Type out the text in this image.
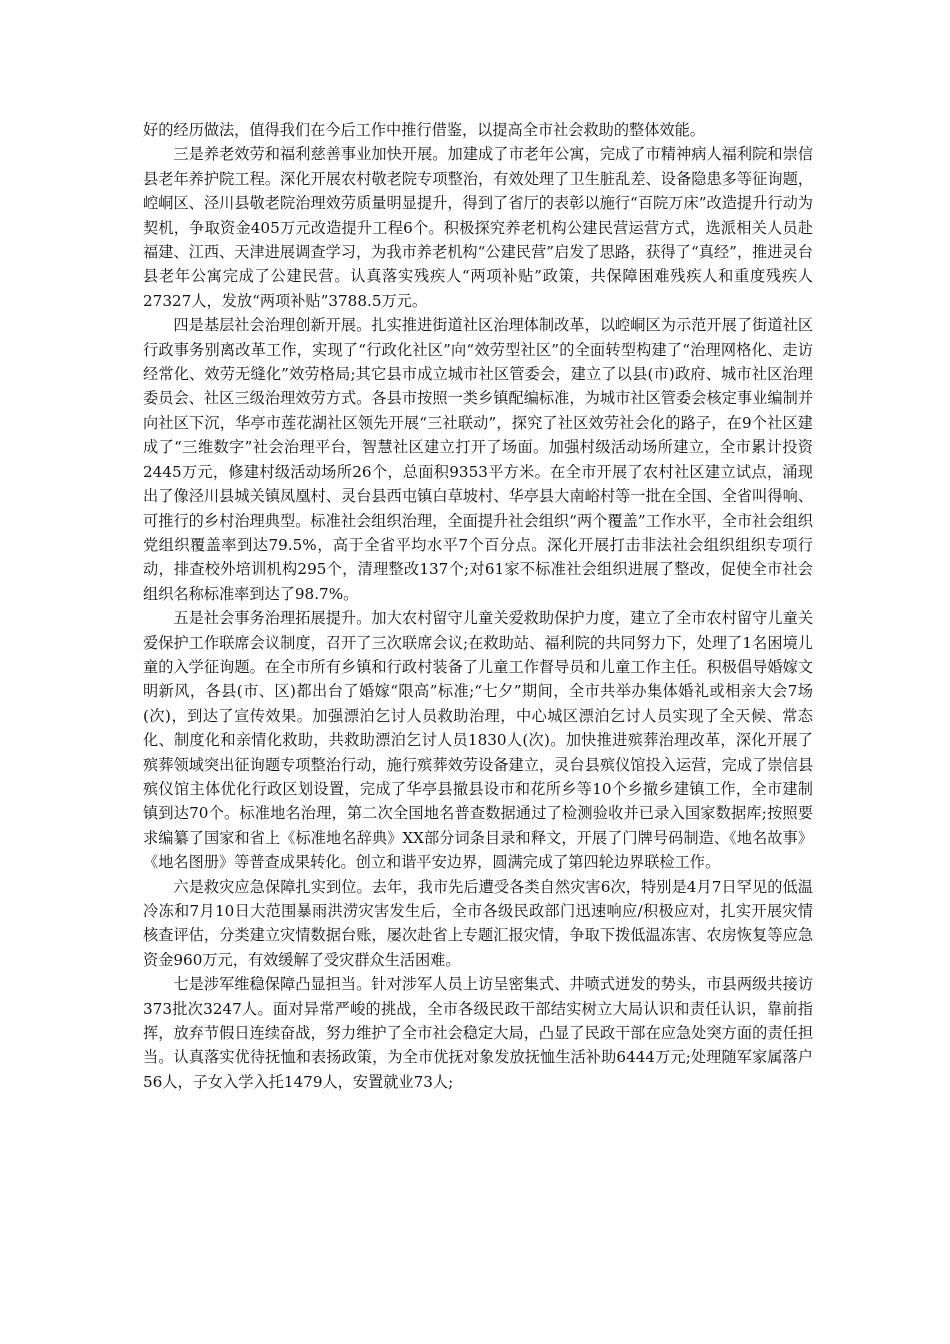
好的经历做法，值得我们在今后工作中推行借鉴，以提高全市社会救助的整体效能。

三是养老效劳和福利慈善事业加快开展。加建成了市老年公寓，完成了市精神病人福利院和崇信县老年养护院工程。深化开展农村敬老院专项整治，有效处理了卫生脏乱差、设备隐患多等征询题，崆峒区、泾川县敬老院治理效劳质量明显提升，得到了省厅的表彰以施行“百院万床”改造提升行动为契机，争取资金405万元改造提升工程6个。积极探究养老机构公建民营运营方式，选派相关人员赴福建、江西、天津进展调查学习，为我市养老机构“公建民营”启发了思路，获得了“真经”，推进灵台县老年公寓完成了公建民营。认真落实残疾人“两项补贴”政策，共保障困难残疾人和重度残疾人27327人，发放“两项补贴”3788.5万元。

四是基层社会治理创新开展。扎实推进街道社区治理体制改革，以崆峒区为示范开展了街道社区行政事务别离改革工作，实现了“行政化社区”向“效劳型社区”的全面转型构建了“治理网格化、走访经常化、效劳无缝化”效劳格局;其它县市成立城市社区管委会，建立了以县(市)政府、城市社区治理委员会、社区三级治理效劳方式。各县市按照一类乡镇配编标准，为城市社区管委会核定事业编制并向社区下沉，华亭市莲花湖社区领先开展“三社联动”，探究了社区效劳社会化的路子，在9个社区建成了“三维数字”社会治理平台，智慧社区建立打开了场面。加强村级活动场所建立，全市累计投资2445万元，修建村级活动场所26个，总面积9353平方米。在全市开展了农村社区建立试点，涌现出了像泾川县城关镇凤凰村、灵台县西屯镇白草坡村、华亭县大南峪村等一批在全国、全省叫得响、可推行的乡村治理典型。标准社会组织治理，全面提升社会组织“两个覆盖”工作水平，全市社会组织党组织覆盖率到达79.5%，高于全省平均水平7个百分点。深化开展打击非法社会组织组织专项行动，排查校外培训机构295个，清理整改137个;对61家不标准社会组织进展了整改，促使全市社会组织名称标准率到达了98.7%。

五是社会事务治理拓展提升。加大农村留守儿童关爱救助保护力度，建立了全市农村留守儿童关爱保护工作联席会议制度，召开了三次联席会议;在救助站、福利院的共同努力下，处理了1名困境儿童的入学征询题。在全市所有乡镇和行政村装备了儿童工作督导员和儿童工作主任。积极倡导婚嫁文明新风，各县(市、区)都出台了婚嫁“限高”标准;“七夕”期间，全市共举办集体婚礼或相亲大会7场(次)，到达了宣传效果。加强漂泊乞讨人员救助治理，中心城区漂泊乞讨人员实现了全天候、常态化、制度化和亲情化救助，共救助漂泊乞讨人员1830人(次)。加快推进殡葬治理改革，深化开展了殡葬领域突出征询题专项整治行动，施行殡葬效劳设备建立，灵台县殡仪馆投入运营，完成了崇信县殡仪馆主体优化行政区划设置，完成了华亭县撤县设市和花所乡等10个乡撤乡建镇工作，全市建制镇到达70个。标准地名治理，第二次全国地名普查数据通过了检测验收并已录入国家数据库;按照要求编纂了国家和省上《标准地名辞典》XX部分词条目录和释文，开展了门牌号码制造、《地名故事》《地名图册》等普查成果转化。创立和谐平安边界，圆满完成了第四轮边界联检工作。

六是救灾应急保障扎实到位。去年，我市先后遭受各类自然灾害6次，特别是4月7日罕见的低温冷冻和7月10日大范围暴雨洪涝灾害发生后，全市各级民政部门迅速响应/积极应对，扎实开展灾情核查评估，分类建立灾情数据台账，屡次赴省上专题汇报灾情，争取下拨低温冻害、农房恢复等应急资金960万元，有效缓解了受灾群众生活困难。

七是涉军维稳保障凸显担当。针对涉军人员上访呈密集式、井喷式迸发的势头，市县两级共接访373批次3247人。面对异常严峻的挑战，全市各级民政干部结实树立大局认识和责任认识，靠前指挥，放弃节假日连续奋战，努力维护了全市社会稳定大局，凸显了民政干部在应急处突方面的责任担当。认真落实优待抚恤和表扬政策，为全市优抚对象发放抚恤生活补助6444万元;处理随军家属落户56人，子女入学入托1479人，安置就业73人;
